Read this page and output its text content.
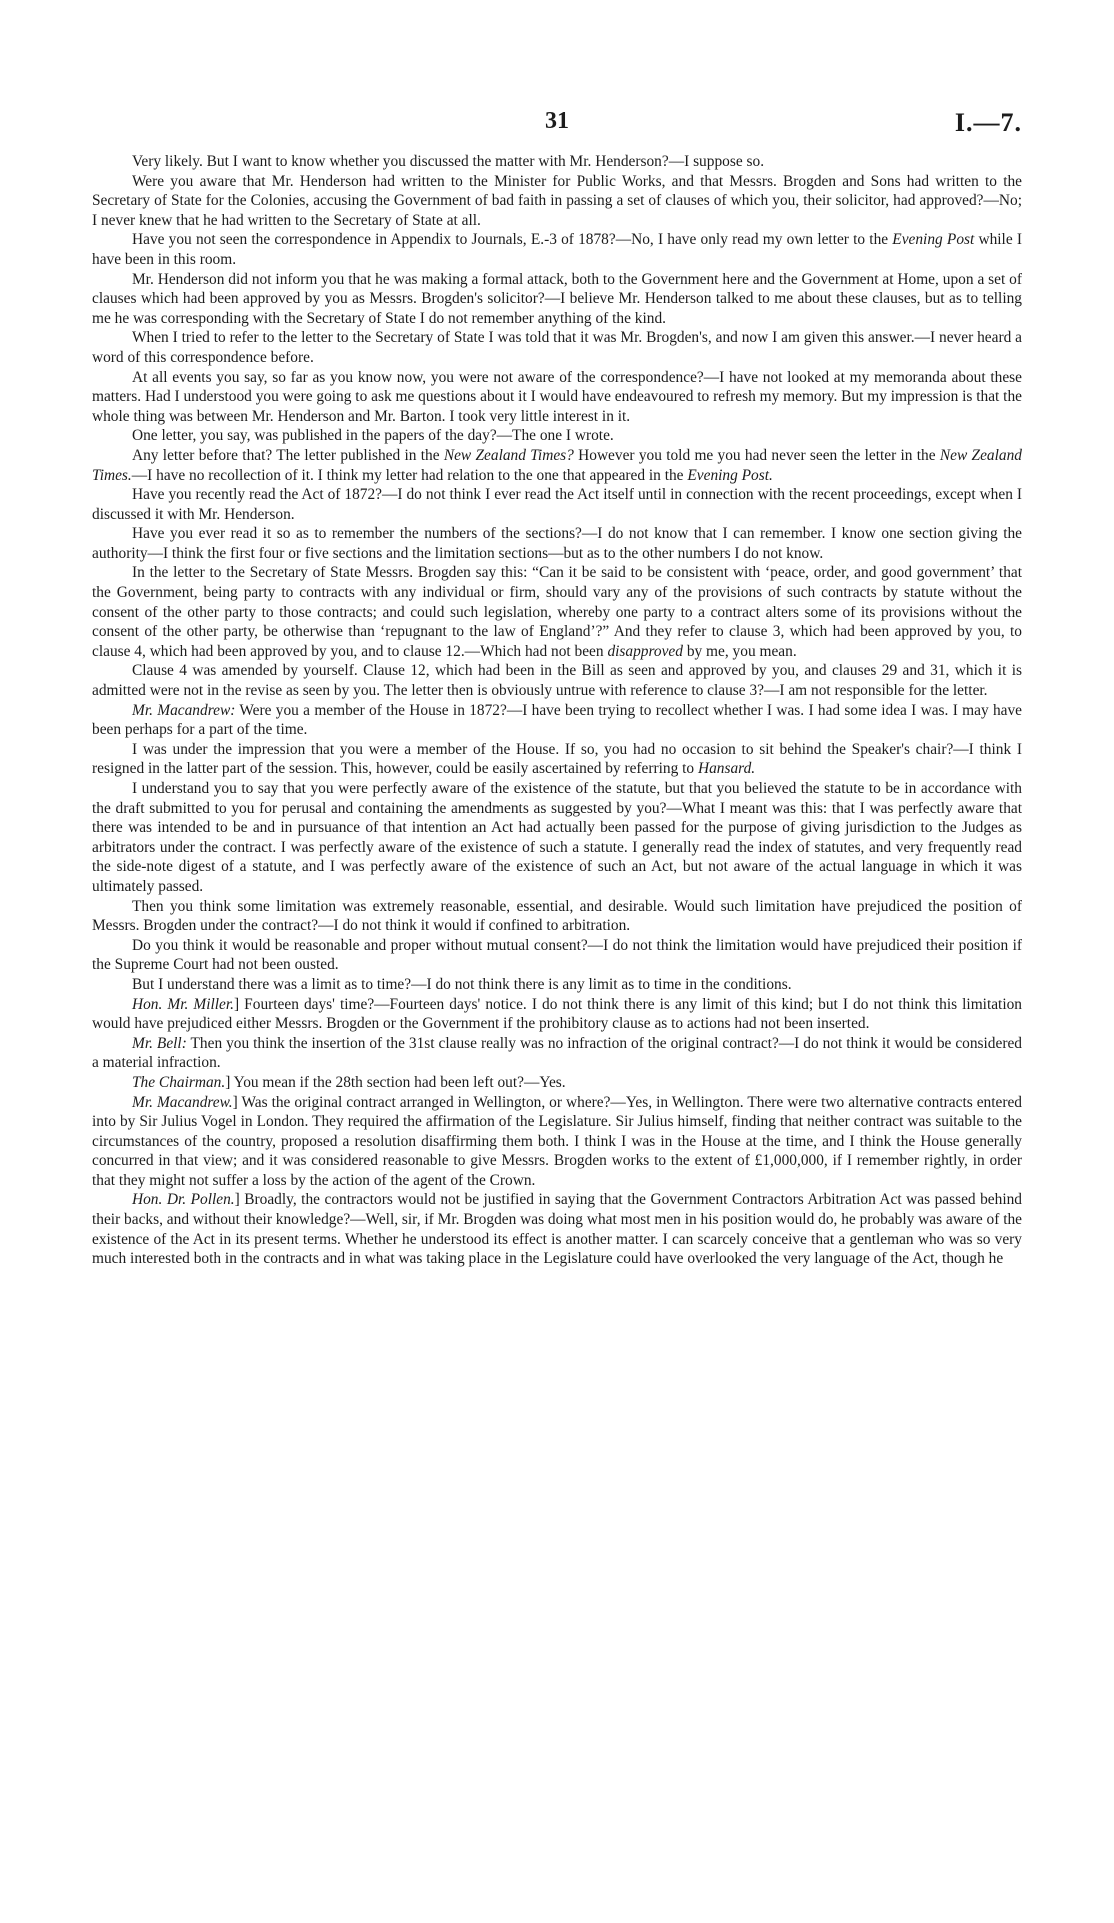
31	I.—7.

Very likely. But I want to know whether you discussed the matter with Mr. Henderson?—I suppose so.

Were you aware that Mr. Henderson had written to the Minister for Public Works, and that Messrs. Brogden and Sons had written to the Secretary of State for the Colonies, accusing the Government of bad faith in passing a set of clauses of which you, their solicitor, had approved?—No; I never knew that he had written to the Secretary of State at all.

Have you not seen the correspondence in Appendix to Journals, E.-3 of 1878?—No, I have only read my own letter to the Evening Post while I have been in this room.

Mr. Henderson did not inform you that he was making a formal attack, both to the Government here and the Government at Home, upon a set of clauses which had been approved by you as Messrs. Brogden's solicitor?—I believe Mr. Henderson talked to me about these clauses, but as to telling me he was corresponding with the Secretary of State I do not remember anything of the kind.

When I tried to refer to the letter to the Secretary of State I was told that it was Mr. Brogden's, and now I am given this answer.—I never heard a word of this correspondence before.

At all events you say, so far as you know now, you were not aware of the correspondence?—I have not looked at my memoranda about these matters. Had I understood you were going to ask me questions about it I would have endeavoured to refresh my memory. But my impression is that the whole thing was between Mr. Henderson and Mr. Barton. I took very little interest in it.

One letter, you say, was published in the papers of the day?—The one I wrote.

Any letter before that? The letter published in the New Zealand Times? However you told me you had never seen the letter in the New Zealand Times.—I have no recollection of it. I think my letter had relation to the one that appeared in the Evening Post.

Have you recently read the Act of 1872?—I do not think I ever read the Act itself until in connection with the recent proceedings, except when I discussed it with Mr. Henderson.

Have you ever read it so as to remember the numbers of the sections?—I do not know that I can remember. I know one section giving the authority—I think the first four or five sections and the limitation sections—but as to the other numbers I do not know.

In the letter to the Secretary of State Messrs. Brogden say this: “Can it be said to be consistent with ‘peace, order, and good government’ that the Government, being party to contracts with any individual or firm, should vary any of the provisions of such contracts by statute without the consent of the other party to those contracts; and could such legislation, whereby one party to a contract alters some of its provisions without the consent of the other party, be otherwise than ‘repugnant to the law of England’?” And they refer to clause 3, which had been approved by you, to clause 4, which had been approved by you, and to clause 12.—Which had not been disapproved by me, you mean.

Clause 4 was amended by yourself. Clause 12, which had been in the Bill as seen and approved by you, and clauses 29 and 31, which it is admitted were not in the revise as seen by you. The letter then is obviously untrue with reference to clause 3?—I am not responsible for the letter.

Mr. Macandrew: Were you a member of the House in 1872?—I have been trying to recollect whether I was. I had some idea I was. I may have been perhaps for a part of the time.

I was under the impression that you were a member of the House. If so, you had no occasion to sit behind the Speaker's chair?—I think I resigned in the latter part of the session. This, however, could be easily ascertained by referring to Hansard.

I understand you to say that you were perfectly aware of the existence of the statute, but that you believed the statute to be in accordance with the draft submitted to you for perusal and containing the amendments as suggested by you?—What I meant was this: that I was perfectly aware that there was intended to be and in pursuance of that intention an Act had actually been passed for the purpose of giving jurisdiction to the Judges as arbitrators under the contract. I was perfectly aware of the existence of such a statute. I generally read the index of statutes, and very frequently read the side-note digest of a statute, and I was perfectly aware of the existence of such an Act, but not aware of the actual language in which it was ultimately passed.

Then you think some limitation was extremely reasonable, essential, and desirable. Would such limitation have prejudiced the position of Messrs. Brogden under the contract?—I do not think it would if confined to arbitration.

Do you think it would be reasonable and proper without mutual consent?—I do not think the limitation would have prejudiced their position if the Supreme Court had not been ousted.

But I understand there was a limit as to time?—I do not think there is any limit as to time in the conditions.

Hon. Mr. Miller.] Fourteen days' time?—Fourteen days' notice. I do not think there is any limit of this kind; but I do not think this limitation would have prejudiced either Messrs. Brogden or the Government if the prohibitory clause as to actions had not been inserted.

Mr. Bell: Then you think the insertion of the 31st clause really was no infraction of the original contract?—I do not think it would be considered a material infraction.

The Chairman.] You mean if the 28th section had been left out?—Yes.

Mr. Macandrew.] Was the original contract arranged in Wellington, or where?—Yes, in Wellington. There were two alternative contracts entered into by Sir Julius Vogel in London. They required the affirmation of the Legislature. Sir Julius himself, finding that neither contract was suitable to the circumstances of the country, proposed a resolution disaffirming them both. I think I was in the House at the time, and I think the House generally concurred in that view; and it was considered reasonable to give Messrs. Brogden works to the extent of £1,000,000, if I remember rightly, in order that they might not suffer a loss by the action of the agent of the Crown.

Hon. Dr. Pollen.] Broadly, the contractors would not be justified in saying that the Government Contractors Arbitration Act was passed behind their backs, and without their knowledge?—Well, sir, if Mr. Brogden was doing what most men in his position would do, he probably was aware of the existence of the Act in its present terms. Whether he understood its effect is another matter. I can scarcely conceive that a gentleman who was so very much interested both in the contracts and in what was taking place in the Legislature could have overlooked the very language of the Act, though he
